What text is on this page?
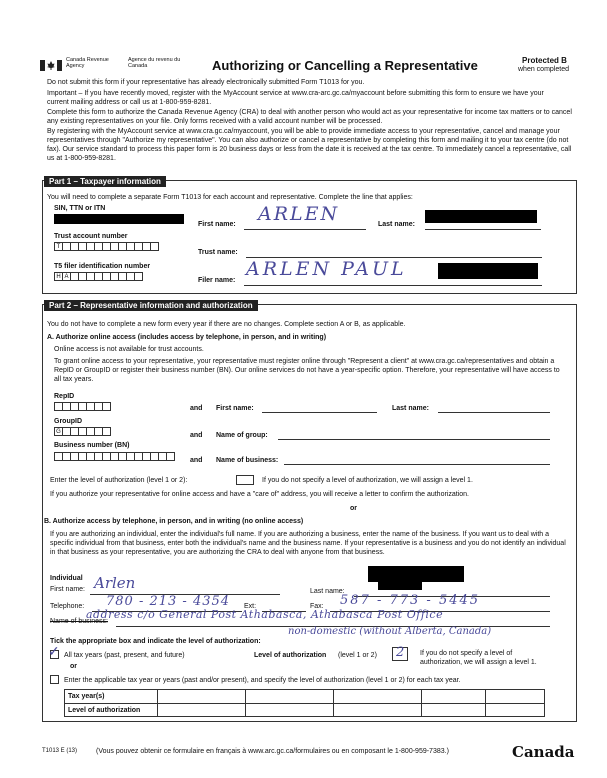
Canada Revenue Agency
Agence du revenu du Canada	Authorizing or Cancelling a Representative	Protected B
when completed
Do not submit this form if your representative has already electronically submitted Form T1013 for you.
Important – If you have recently moved, register with the MyAccount service at www.cra-arc.gc.ca/myaccount before submitting this form to ensure we have your current mailing address or call us at 1-800-959-8281.
Complete this form to authorize the Canada Revenue Agency (CRA) to deal with another person who would act as your representative for income tax matters or to cancel any existing representatives on your file. Only forms received with a valid account number will be processed.
By registering with the MyAccount service at www.cra.gc.ca/myaccount, you will be able to provide immediate access to your representative, cancel and manage your representatives through "Authorize my representative". You can also authorize or cancel a representative by completing this form and mailing it to your tax centre (do not fax). Our service standard to process this paper form is 20 business days or less from the date it is received at the tax centre. To immediately cancel a representative, call us at 1-800-959-8281.
Part 1 – Taxpayer information
You will need to complete a separate Form T1013 for each account and representative. Complete the line that applies:
SIN, TTN or ITN
First name: ARLEN	Last name:
Trust account number
T
Trust name:
T5 filer identification number
H A	Filer name:
ARLEN PAUL
Part 2 – Representative information and authorization
You do not have to complete a new form every year if there are no changes. Complete section A or B, as applicable.
A. Authorize online access (includes access by telephone, in person, and in writing)
Online access is not available for trust accounts.
To grant online access to your representative, your representative must register online through "Represent a client" at www.cra.gc.ca/representatives and obtain a RepID or GroupID or register their business number (BN). Our online services do not have a year-specific option. Therefore, your representative will have access to all tax years.
RepID
and First name:	Last name:
GroupID
G	and Name of group:
Business number (BN)
and Name of business:
Enter the level of authorization (level 1 or 2):	If you do not specify a level of authorization, we will assign a level 1.
If you authorize your representative for online access and have a "care of" address, you will receive a letter to confirm the authorization.
or
B. Authorize access by telephone, in person, and in writing (no online access)
If you are authorizing an individual, enter the individual's full name. If you are authorizing a business, enter the name of the business. If you want us to deal with a specific individual from that business, enter both the individual's name and the business name. If your representative is a business and you do not identify an individual in that business as your representative, you are authorizing the CRA to deal with anyone from that business.
Individual
First name: Arlen	Last name:
Telephone: 780 - 213 - 4354 Ext:	Fax: 587 - 773 - 5445
Name of business:
address c/o General Post Athabasca, Athabasca Post Office
non-domestic (without Alberta, Canada)
Tick the appropriate box and indicate the level of authorization:
✓ All tax years (past, present, and future)	Level of authorization (level 1 or 2) 2 If you do not specify a level of authorization, we will assign a level 1.
or
Enter the applicable tax year or years (past and/or present), and specify the level of authorization (level 1 or 2) for each tax year.
Tax year(s)
Level of authorization
T1013 E (13)	(Vous pouvez obtenir ce formulaire en français à www.arc.gc.ca/formulaires ou en composant le 1-800-959-7383.)	Canada
